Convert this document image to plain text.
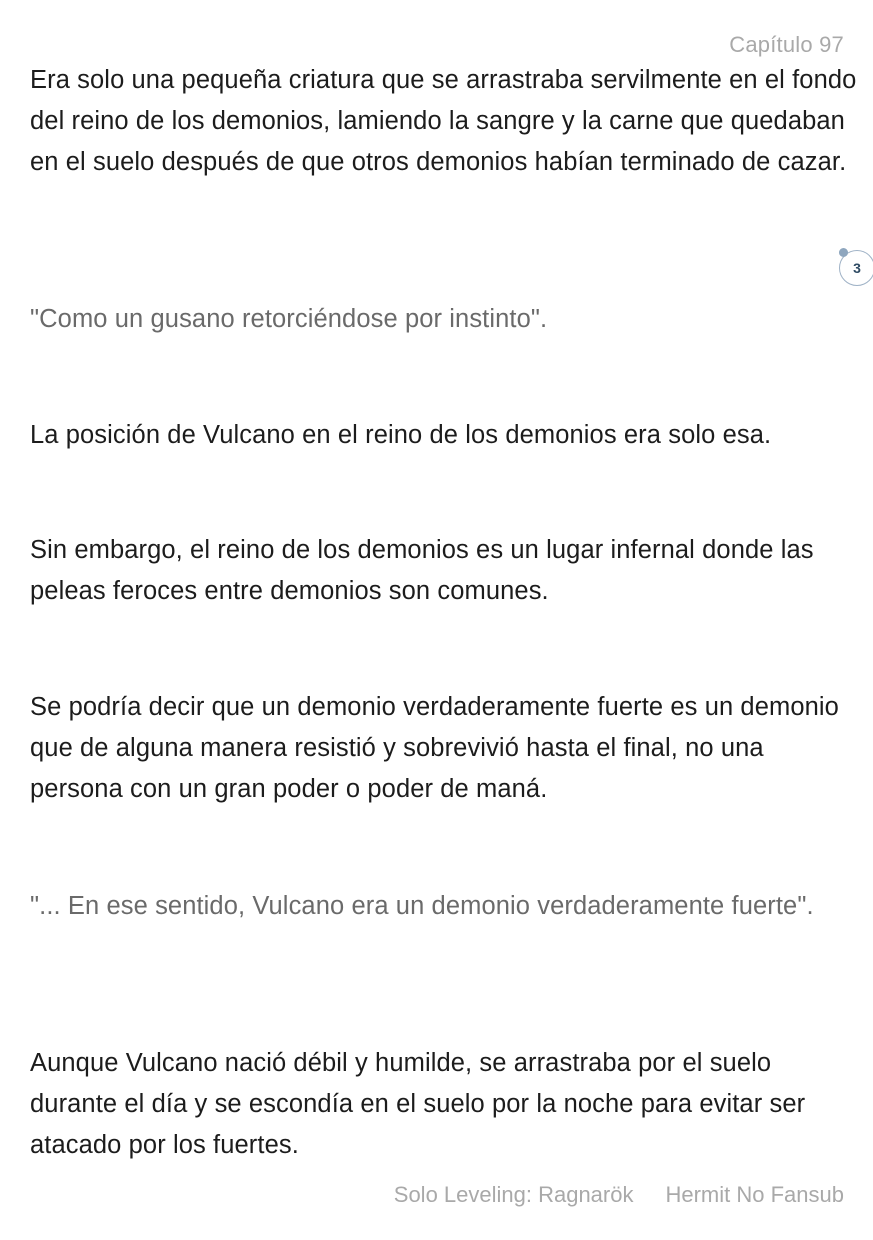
Capítulo 97

Era solo una pequeña criatura que se arrastraba servilmente en el fondo del reino de los demonios, lamiendo la sangre y la carne que quedaban en el suelo después de que otros demonios habían terminado de cazar.

"Como un gusano retorciéndose por instinto".

La posición de Vulcano en el reino de los demonios era solo esa.

Sin embargo, el reino de los demonios es un lugar infernal donde las peleas feroces entre demonios son comunes.

Se podría decir que un demonio verdaderamente fuerte es un demonio que de alguna manera resistió y sobrevivió hasta el final, no una persona con un gran poder o poder de maná.

"... En ese sentido, Vulcano era un demonio verdaderamente fuerte".

Aunque Vulcano nació débil y humilde, se arrastraba por el suelo durante el día y se escondía en el suelo por la noche para evitar ser atacado por los fuertes.

3
Solo Leveling: Ragnarök Hermit No Fansub
